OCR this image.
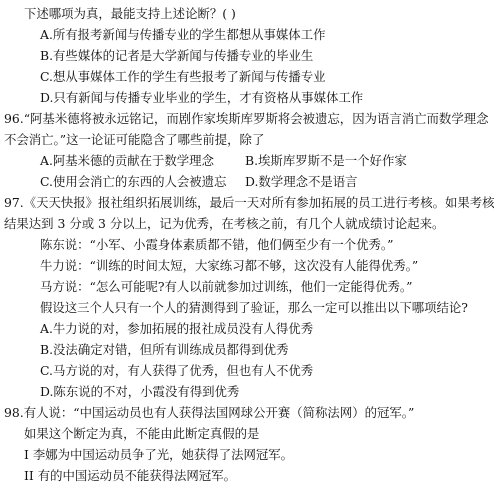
下述哪项为真，最能支持上述论断？( )
A.所有报考新闻与传播专业的学生都想从事媒体工作
B.有些媒体的记者是大学新闻与传播专业的毕业生
C.想从事媒体工作的学生有些报考了新闻与传播专业
D.只有新闻与传播专业毕业的学生，才有资格从事媒体工作
96.“阿基米德将被永远铭记，而剧作家埃斯库罗斯将会被遗忘，因为语言消亡而数学理念
不会消亡。”这一论证可能隐含了哪些前提，除了
A.阿基米德的贡献在于数学理念	B.埃斯库罗斯不是一个好作家
C.使用会消亡的东西的人会被遗忘	D.数学理念不是语言
97.《天天快报》报社组织拓展训练，最后一天对所有参加拓展的员工进行考核。如果考核
结果达到 3 分或 3 分以上，记为优秀，在考核之前，有几个人就成绩讨论起来。
陈东说：“小军、小霞身体素质都不错，他们俩至少有一个优秀。”
牛力说：“训练的时间太短，大家练习都不够，这次没有人能得优秀。”
马方说：“怎么可能呢?有人以前就参加过训练，他们一定能得优秀。”
假设这三个人只有一个人的猜测得到了验证，那么一定可以推出以下哪项结论?
A.牛力说的对，参加拓展的报社成员没有人得优秀
B.没法确定对错，但所有训练成员都得到优秀
C.马方说的对，有人获得了优秀，但也有人不优秀
D.陈东说的不对，小霞没有得到优秀
98.有人说：“中国运动员也有人获得法国网球公开赛（简称法网）的冠军。”
如果这个断定为真，不能由此断定真假的是
I 李娜为中国运动员争了光，她获得了法网冠军。
II 有的中国运动员不能获得法网冠军。
